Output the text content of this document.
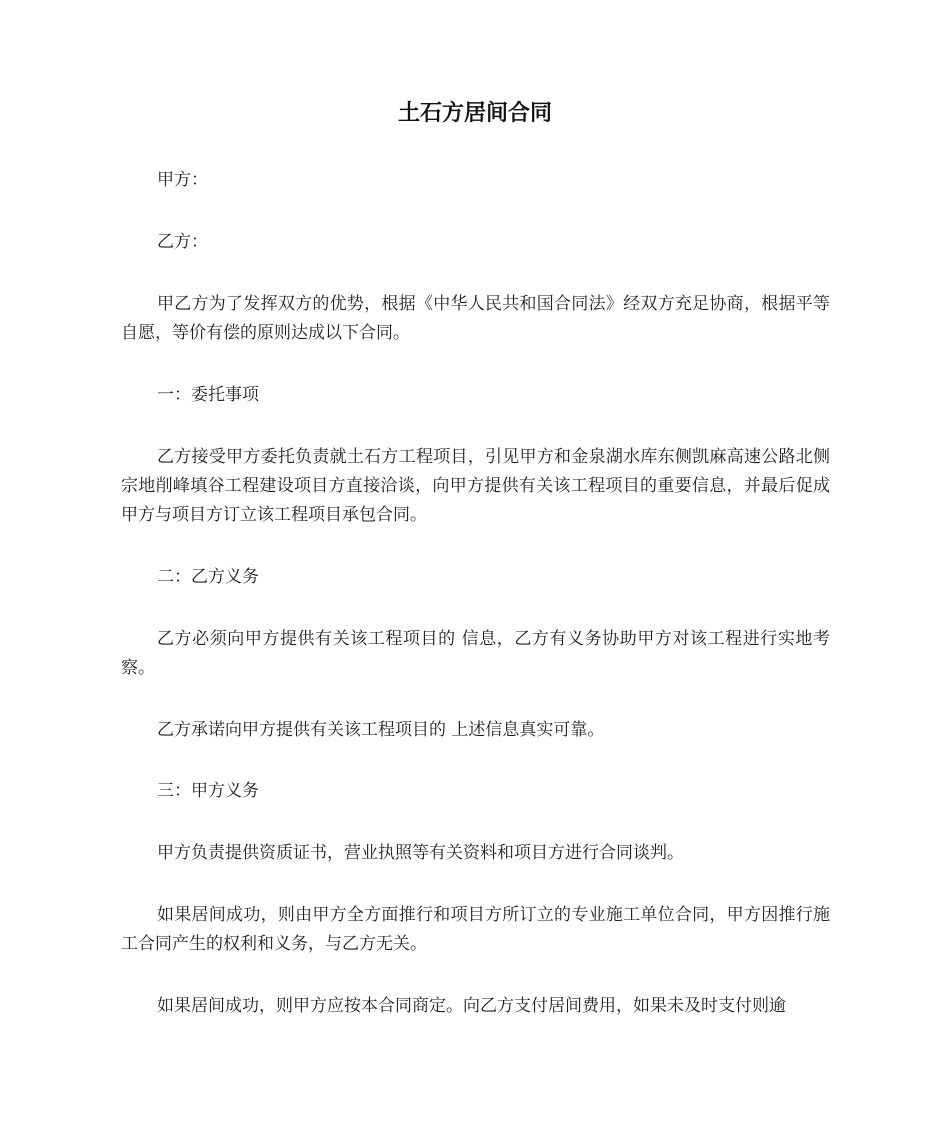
土石方居间合同

甲方：

乙方：

甲乙方为了发挥双方的优势，根据《中华人民共和国合同法》经双方充足协商，根据平等自愿，等价有偿的原则达成以下合同。

一：委托事项

乙方接受甲方委托负责就土石方工程项目，引见甲方和金泉湖水库东侧凯麻高速公路北侧宗地削峰填谷工程建设项目方直接洽谈，向甲方提供有关该工程项目的重要信息，并最后促成甲方与项目方订立该工程项目承包合同。

二：乙方义务

乙方必须向甲方提供有关该工程项目的 信息，乙方有义务协助甲方对该工程进行实地考察。

乙方承诺向甲方提供有关该工程项目的 上述信息真实可靠。

三：甲方义务

甲方负责提供资质证书，营业执照等有关资料和项目方进行合同谈判。

如果居间成功，则由甲方全方面推行和项目方所订立的专业施工单位合同，甲方因推行施工合同产生的权利和义务，与乙方无关。

如果居间成功，则甲方应按本合同商定。向乙方支付居间费用，如果未及时支付则逾
